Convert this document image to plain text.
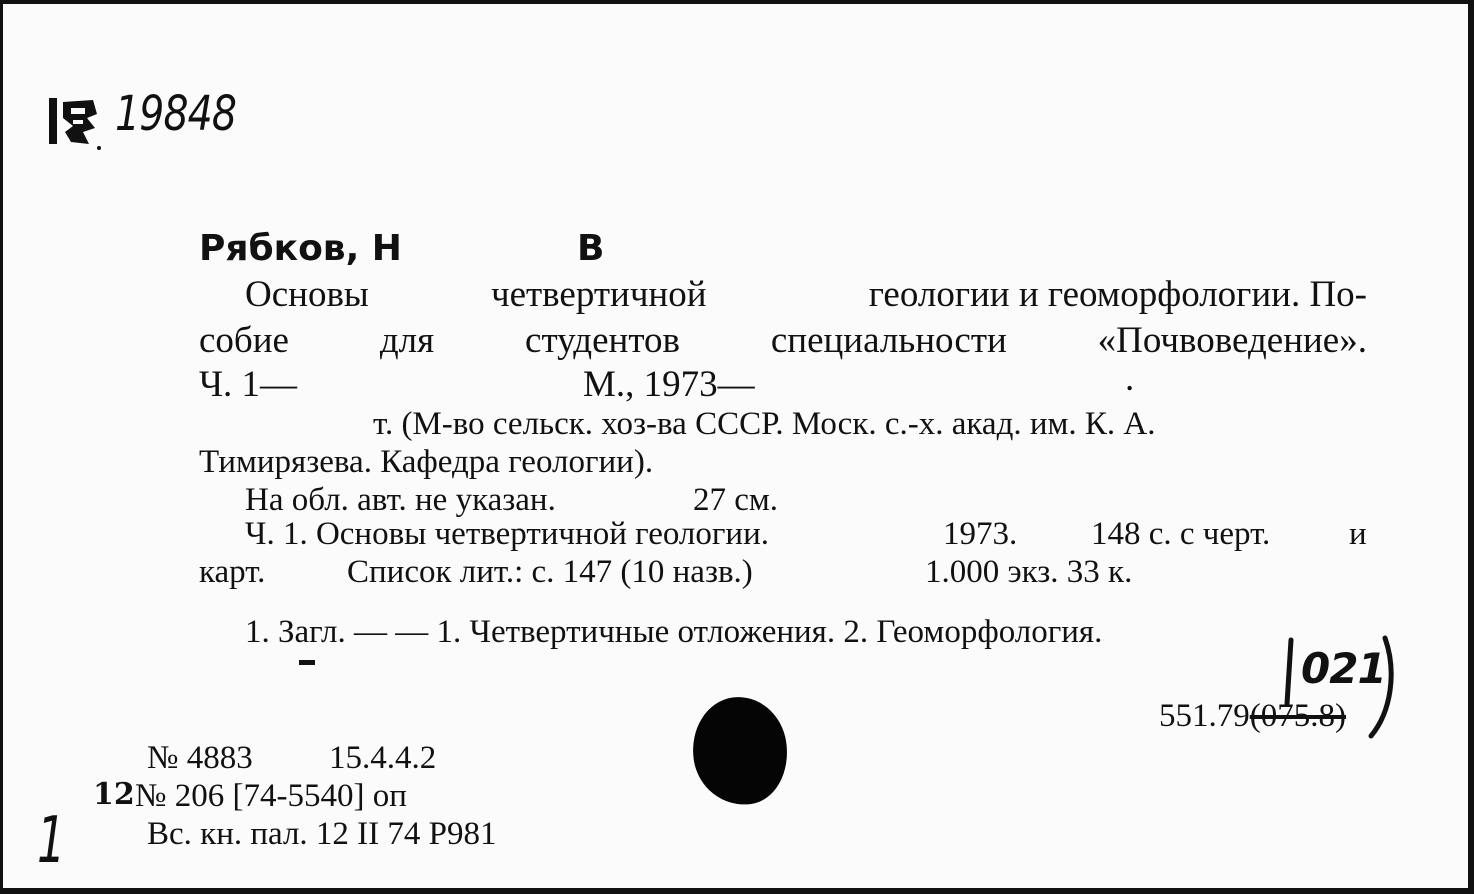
19848
Рябков, Н	В
Основы	четвертичной	геологии и геоморфологии. По-
собие для студентов специальности «Почвоведение».
Ч. 1—	М., 1973—	.
т. (М-во сельск. хоз-ва СССР. Моск. с.-х. акад. им. К. А.
Тимирязева. Кафедра геологии).
На обл. авт. не указан.	27 см.
Ч. 1. Основы четвертичной геологии.	1973. 148 с. с черт. и
карт. Список лит.: с. 147 (10 назв.)	1.000 экз. 33 к.
1. Загл. — — 1. Четвертичные отложения. 2. Геоморфология.
021
551.79(075.8)
№ 4883 15.4.4.2
12 № 206 [74-5540] оп
Вс. кн. пал. 12 II 74 Р981
1
